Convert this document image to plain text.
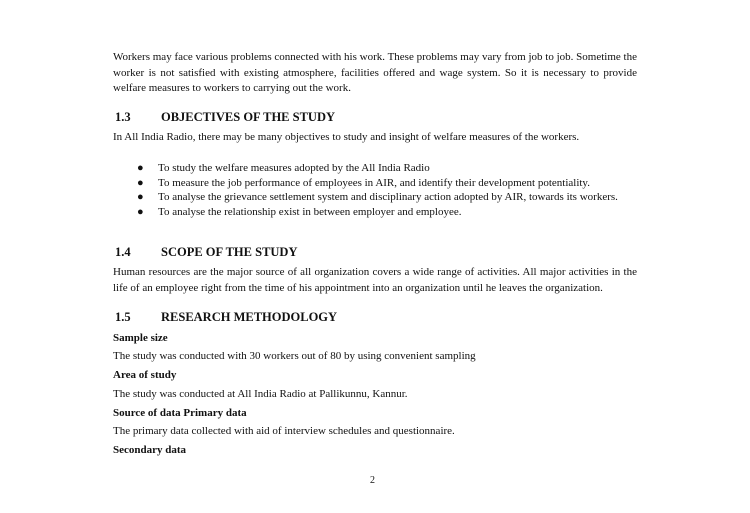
Workers may face various problems connected with his work. These problems may vary from job to job. Sometime the worker is not satisfied with existing atmosphere, facilities offered and wage system. So it is necessary to provide welfare measures to workers to carrying out the work.

1.3	OBJECTIVES OF THE STUDY

In All India Radio, there may be many objectives to study and insight of welfare measures of the workers.

● To study the welfare measures adopted by the All India Radio
● To measure the job performance of employees in AIR, and identify their development potentiality.
● To analyse the grievance settlement system and disciplinary action adopted by AIR, towards its workers.
● To analyse the relationship exist in between employer and employee.
1.4	SCOPE OF THE STUDY

Human resources are the major source of all organization covers a wide range of activities. All major activities in the life of an employee right from the time of his appointment into an organization until he leaves the organization.

1.5	RESEARCH METHODOLOGY
Sample size

The study was conducted with 30 workers out of 80 by using convenient sampling

Area of study

The study was conducted at All India Radio at Pallikunnu, Kannur.

Source of data Primary data

The primary data collected with aid of interview schedules and questionnaire.

Secondary data
2
